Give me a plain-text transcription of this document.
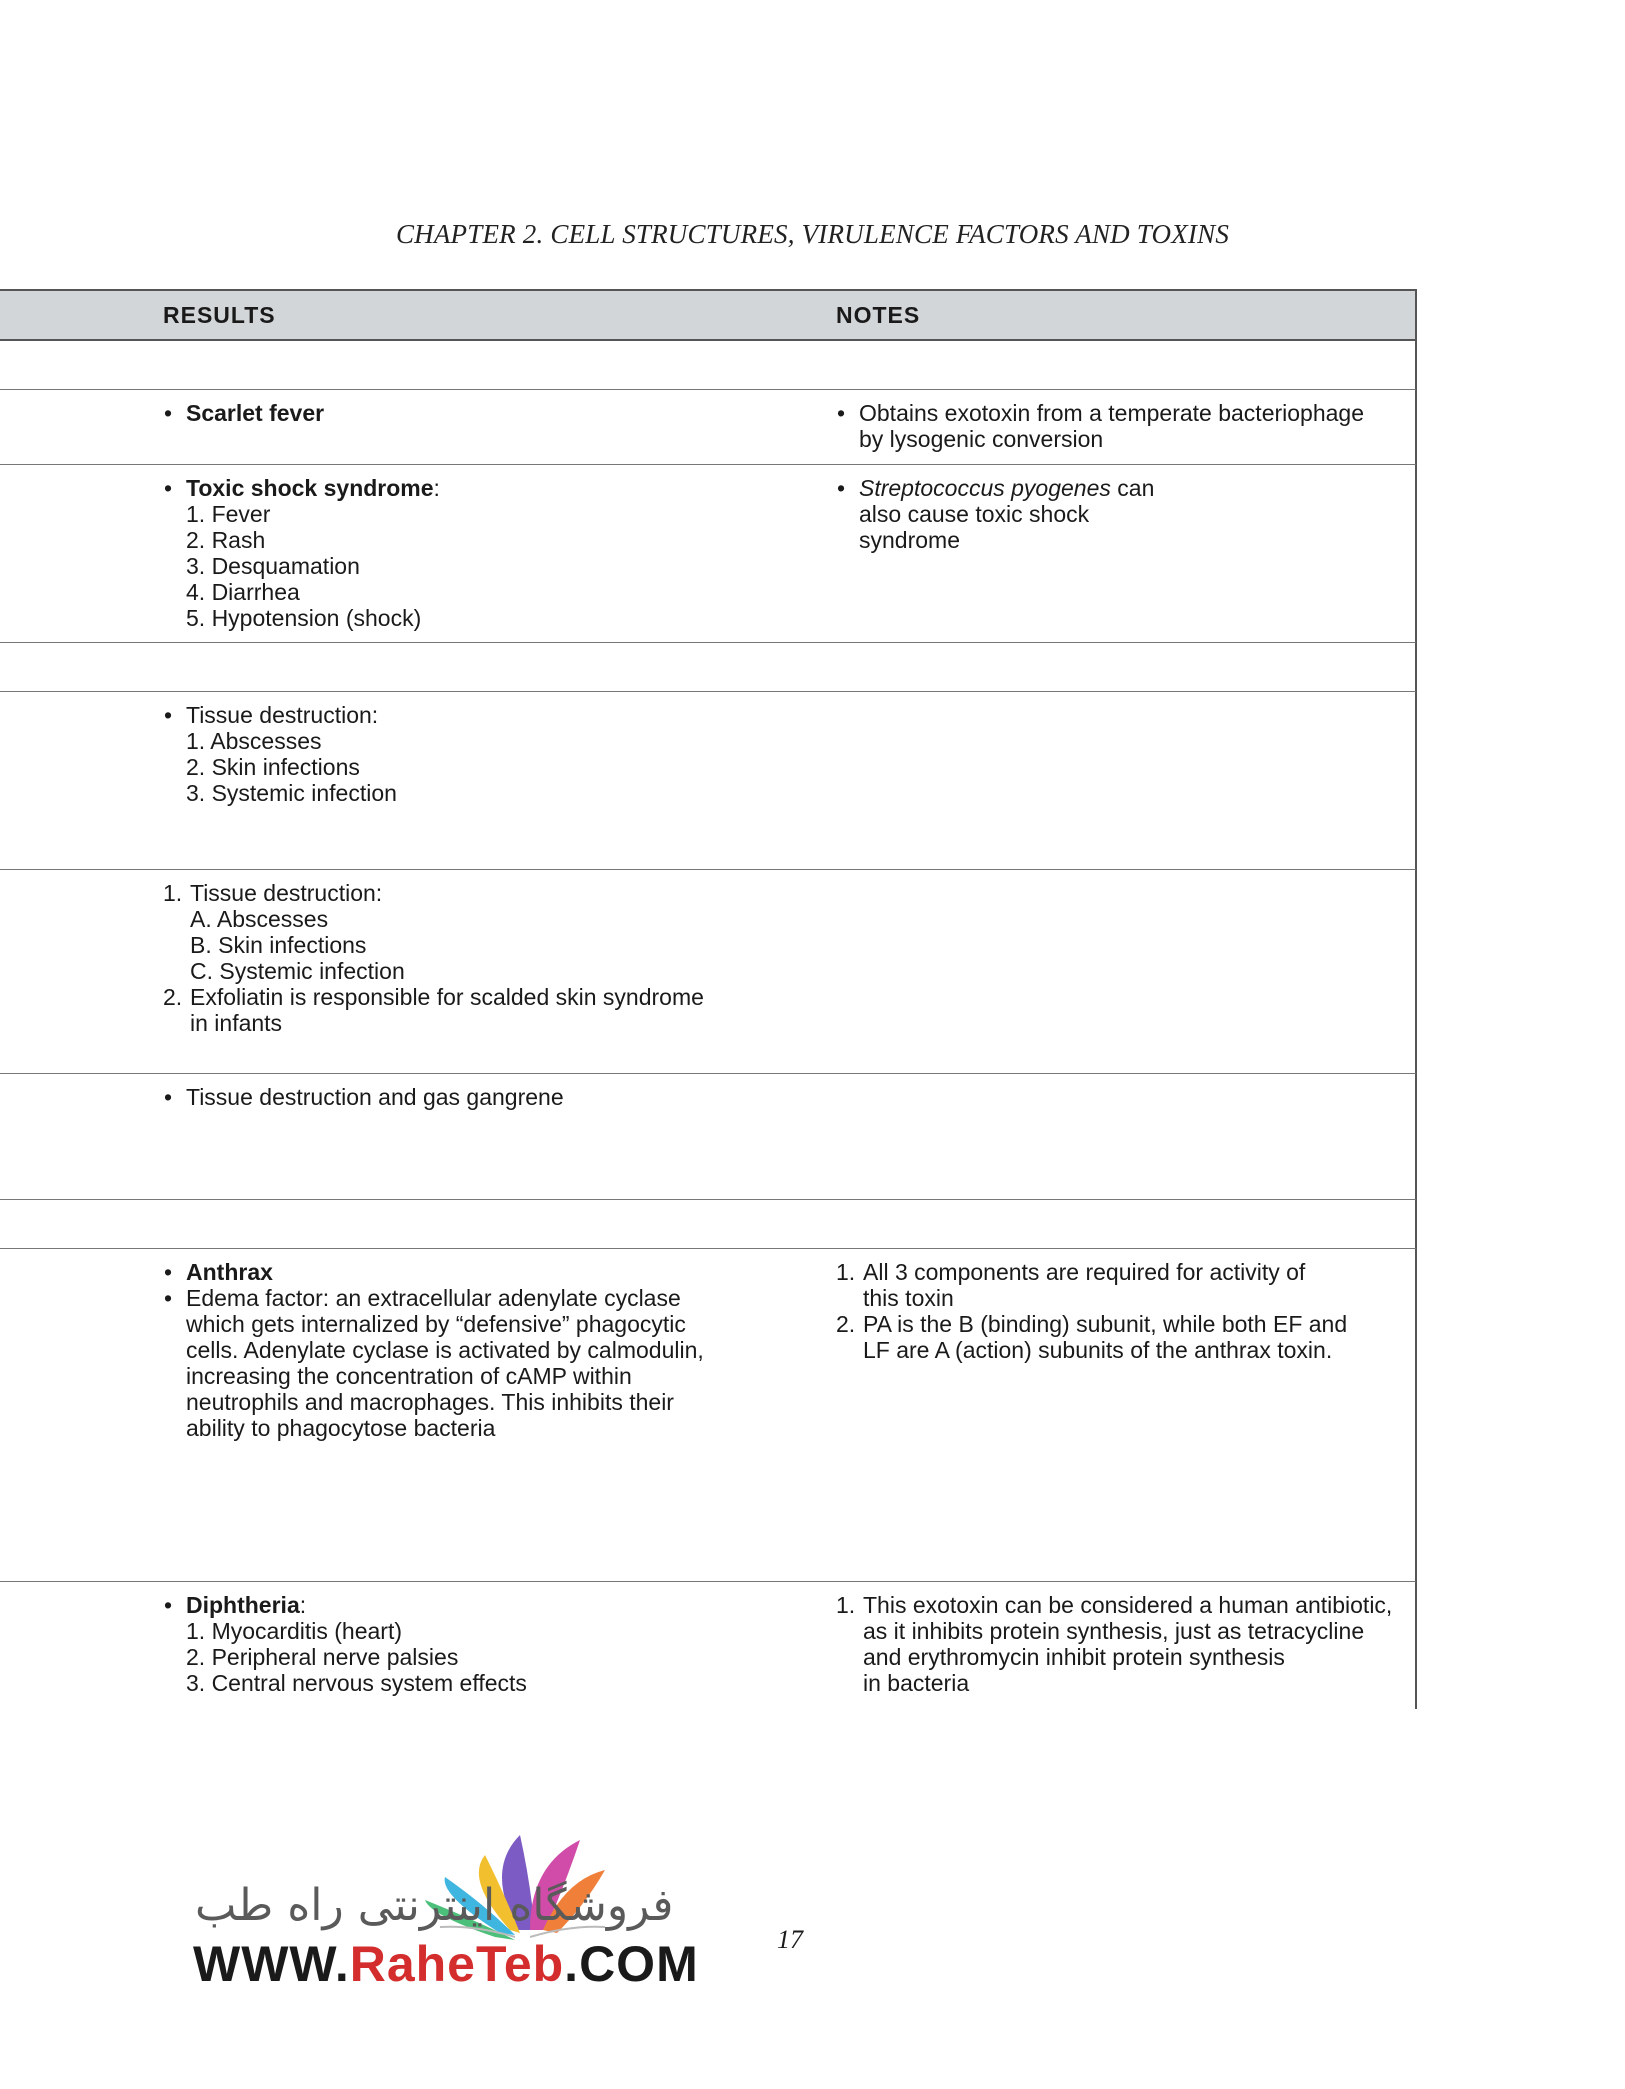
CHAPTER 2. CELL STRUCTURES, VIRULENCE FACTORS AND TOXINS
RESULTS	NOTES
• Scarlet fever
•	Obtains exotoxin from a temperate bacteriophage
by lysogenic conversion
• Toxic shock syndrome:
1. Fever
2. Rash
3. Desquamation
4. Diarrhea
5. Hypotension (shock)
• Streptococcus pyogenes can
also cause toxic shock
syndrome
• Tissue destruction:
1. Abscesses
2. Skin infections
3. Systemic infection
1. Tissue destruction:
A. Abscesses
B. Skin infections
C. Systemic infection
2. Exfoliatin is responsible for scalded skin syndrome
in infants
• Tissue destruction and gas gangrene
• Anthrax
• Edema factor: an extracellular adenylate cyclase
which gets internalized by “defensive” phagocytic
cells. Adenylate cyclase is activated by calmodulin,
increasing the concentration of cAMP within
neutrophils and macrophages. This inhibits their
ability to phagocytose bacteria
1. All 3 components are required for activity of
this toxin
2. PA is the B (binding) subunit, while both EF and
LF are A (action) subunits of the anthrax toxin.
• Diphtheria:
1. Myocarditis (heart)
2. Peripheral nerve palsies
3. Central nervous system effects
1. This exotoxin can be considered a human antibiotic,
as it inhibits protein synthesis, just as tetracycline
and erythromycin inhibit protein synthesis
in bacteria
فروشگاه اینترنتی راه طب
WWW.RaheTeb.COM	17
